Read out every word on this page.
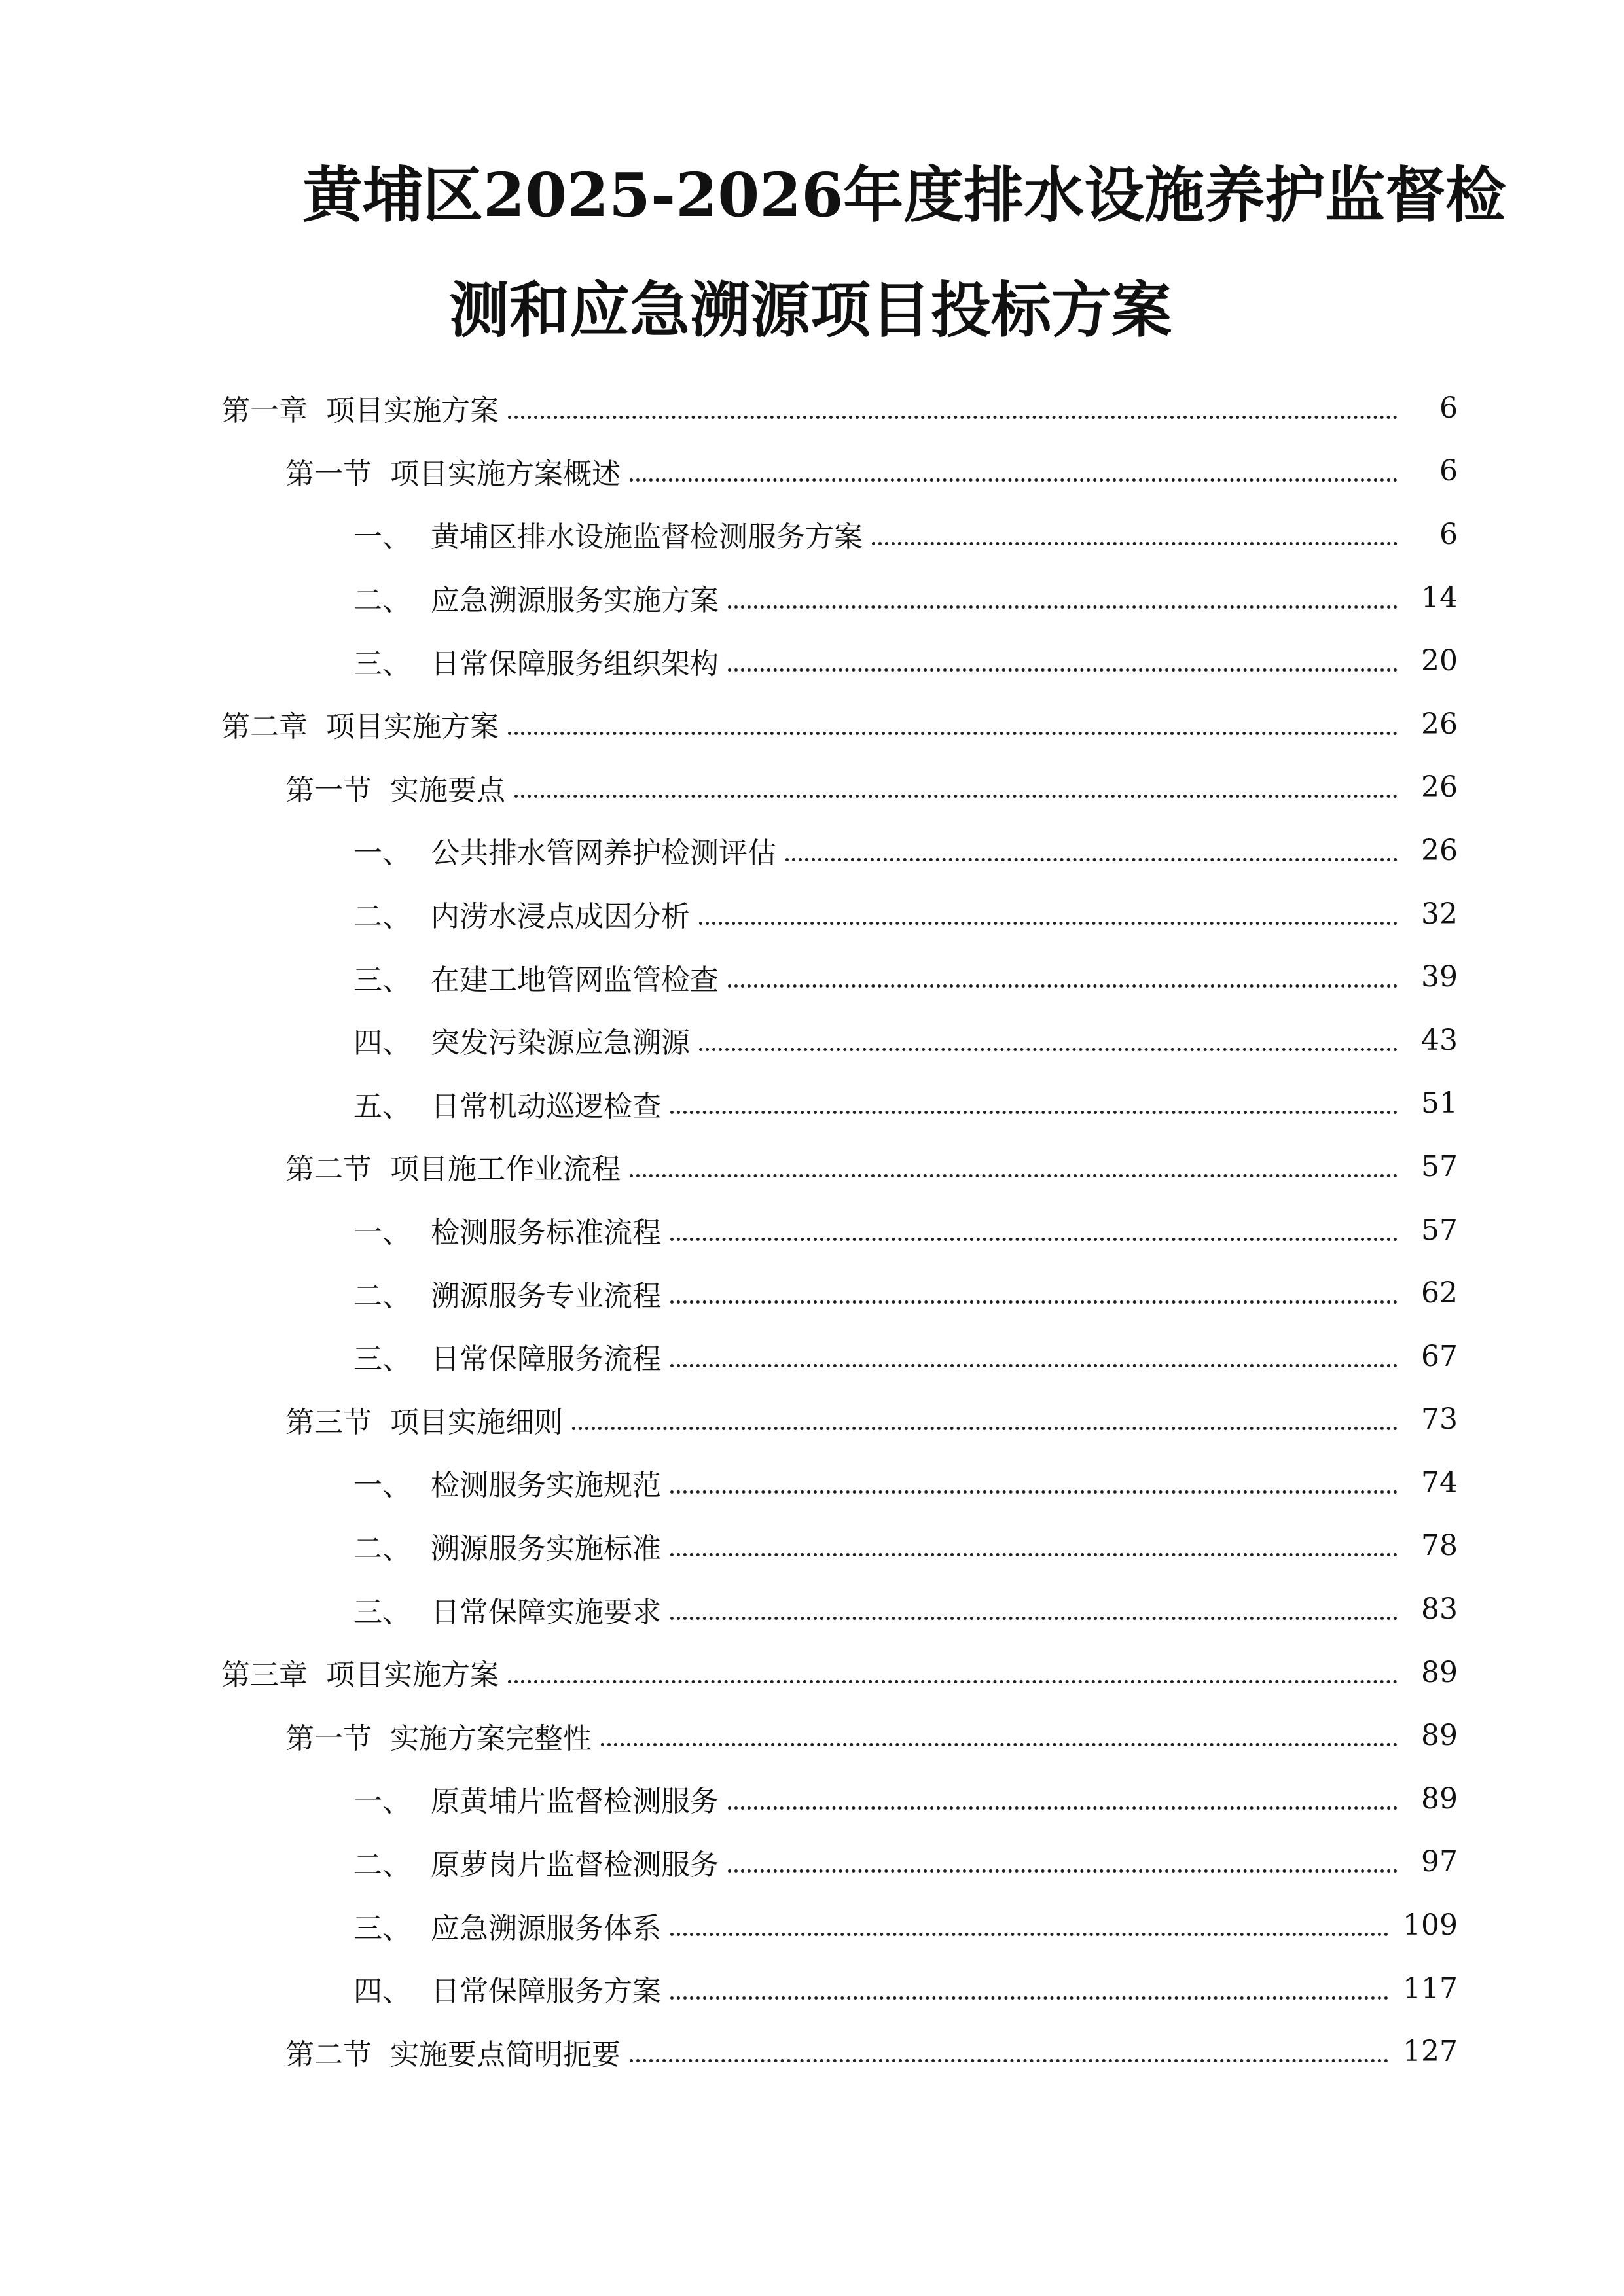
黄埔区2025-2026年度排水设施养护监督检
测和应急溯源项目投标方案
第一章 项目实施方案	6
第一节 项目实施方案概述	6
一、 黄埔区排水设施监督检测服务方案	6
二、 应急溯源服务实施方案	14
三、 日常保障服务组织架构	20
第二章 项目实施方案	26
第一节 实施要点	26
一、 公共排水管网养护检测评估	26
二、 内涝水浸点成因分析	32
三、 在建工地管网监管检查	39
四、 突发污染源应急溯源	43
五、 日常机动巡逻检查	51
第二节 项目施工作业流程	57
一、 检测服务标准流程	57
二、 溯源服务专业流程	62
三、 日常保障服务流程	67
第三节 项目实施细则	73
一、 检测服务实施规范	74
二、 溯源服务实施标准	78
三、 日常保障实施要求	83
第三章 项目实施方案	89
第一节 实施方案完整性	89
一、 原黄埔片监督检测服务	89
二、 原萝岗片监督检测服务	97
三、 应急溯源服务体系	109
四、 日常保障服务方案	117
第二节 实施要点简明扼要	127
